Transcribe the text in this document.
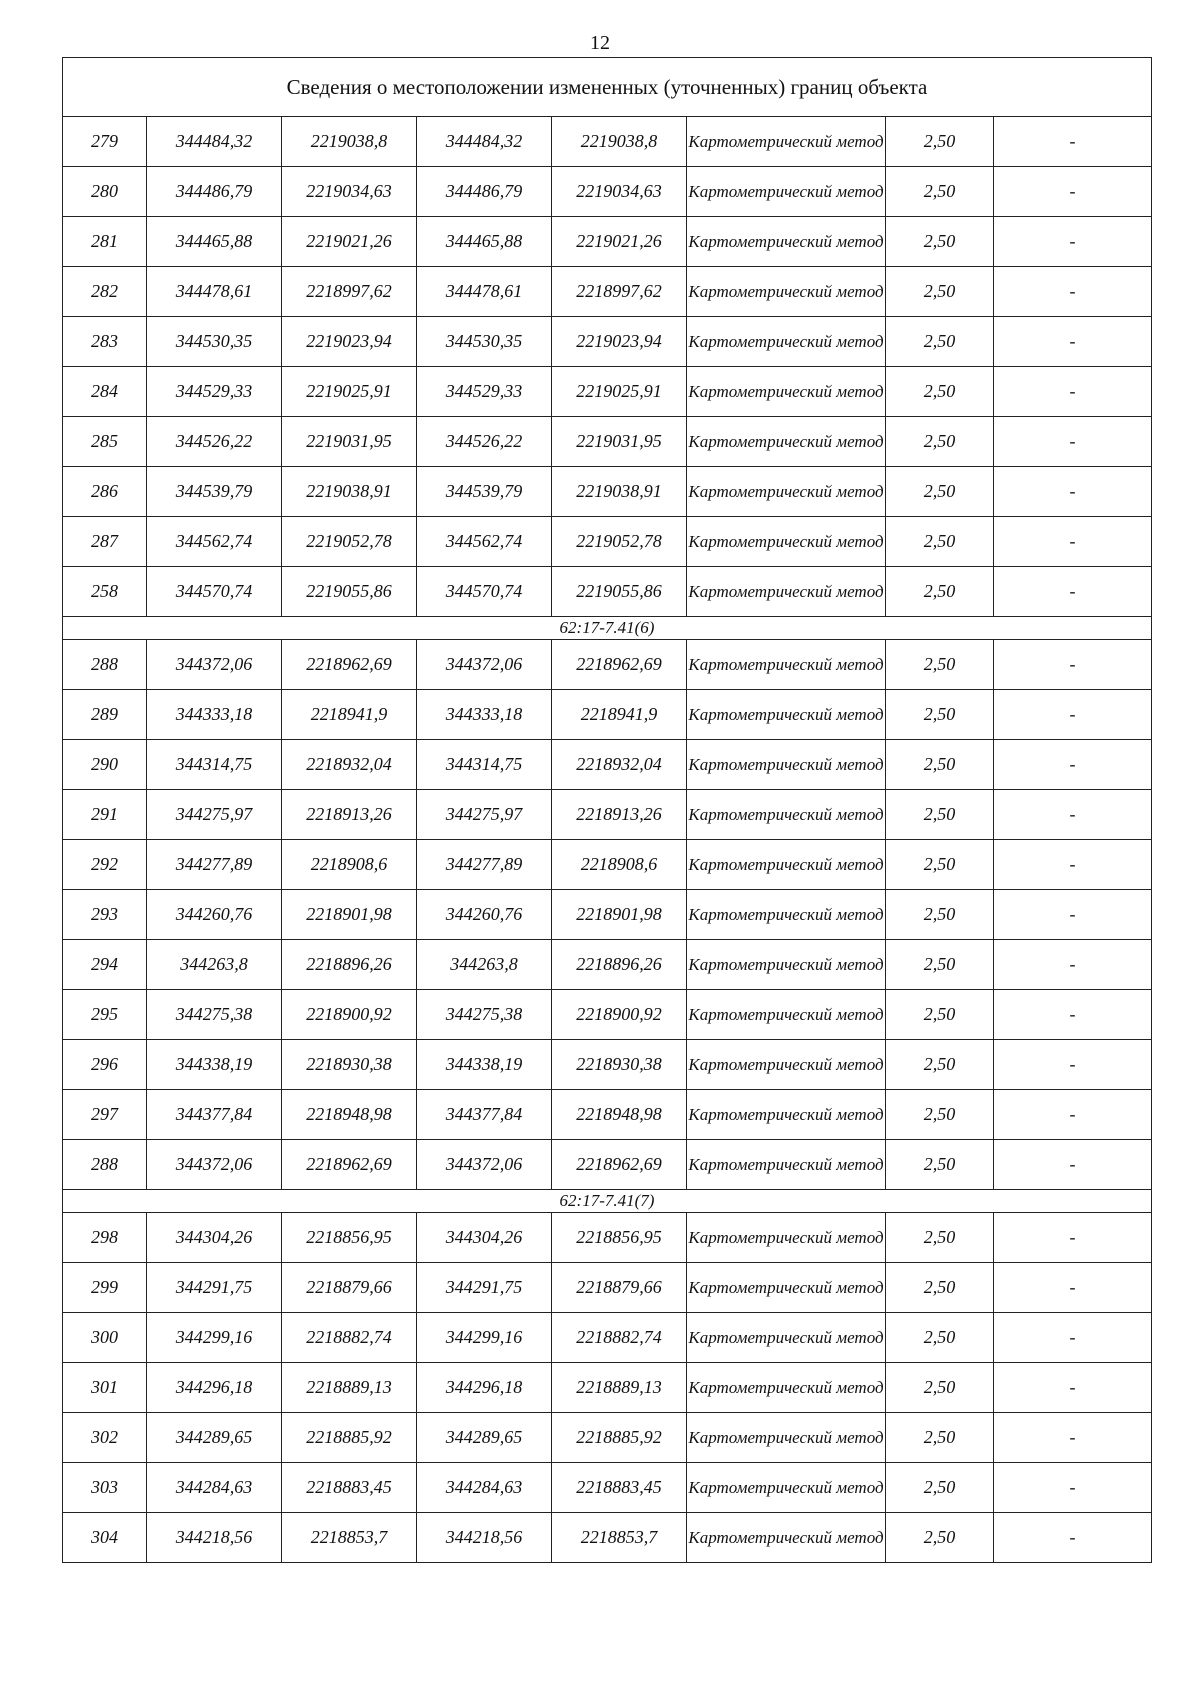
12
Сведения о местоположении измененных (уточненных) границ объекта							
279	344484,32	2219038,8	344484,32	2219038,8	Картометрический метод	2,50	-
280	344486,79	2219034,63	344486,79	2219034,63	Картометрический метод	2,50	-
281	344465,88	2219021,26	344465,88	2219021,26	Картометрический метод	2,50	-
282	344478,61	2218997,62	344478,61	2218997,62	Картометрический метод	2,50	-
283	344530,35	2219023,94	344530,35	2219023,94	Картометрический метод	2,50	-
284	344529,33	2219025,91	344529,33	2219025,91	Картометрический метод	2,50	-
285	344526,22	2219031,95	344526,22	2219031,95	Картометрический метод	2,50	-
286	344539,79	2219038,91	344539,79	2219038,91	Картометрический метод	2,50	-
287	344562,74	2219052,78	344562,74	2219052,78	Картометрический метод	2,50	-
258	344570,74	2219055,86	344570,74	2219055,86	Картометрический метод	2,50	-
62:17-7.41(6)							
288	344372,06	2218962,69	344372,06	2218962,69	Картометрический метод	2,50	-
289	344333,18	2218941,9	344333,18	2218941,9	Картометрический метод	2,50	-
290	344314,75	2218932,04	344314,75	2218932,04	Картометрический метод	2,50	-
291	344275,97	2218913,26	344275,97	2218913,26	Картометрический метод	2,50	-
292	344277,89	2218908,6	344277,89	2218908,6	Картометрический метод	2,50	-
293	344260,76	2218901,98	344260,76	2218901,98	Картометрический метод	2,50	-
294	344263,8	2218896,26	344263,8	2218896,26	Картометрический метод	2,50	-
295	344275,38	2218900,92	344275,38	2218900,92	Картометрический метод	2,50	-
296	344338,19	2218930,38	344338,19	2218930,38	Картометрический метод	2,50	-
297	344377,84	2218948,98	344377,84	2218948,98	Картометрический метод	2,50	-
288	344372,06	2218962,69	344372,06	2218962,69	Картометрический метод	2,50	-
62:17-7.41(7)							
298	344304,26	2218856,95	344304,26	2218856,95	Картометрический метод	2,50	-
299	344291,75	2218879,66	344291,75	2218879,66	Картометрический метод	2,50	-
300	344299,16	2218882,74	344299,16	2218882,74	Картометрический метод	2,50	-
301	344296,18	2218889,13	344296,18	2218889,13	Картометрический метод	2,50	-
302	344289,65	2218885,92	344289,65	2218885,92	Картометрический метод	2,50	-
303	344284,63	2218883,45	344284,63	2218883,45	Картометрический метод	2,50	-
304	344218,56	2218853,7	344218,56	2218853,7	Картометрический метод	2,50	-
